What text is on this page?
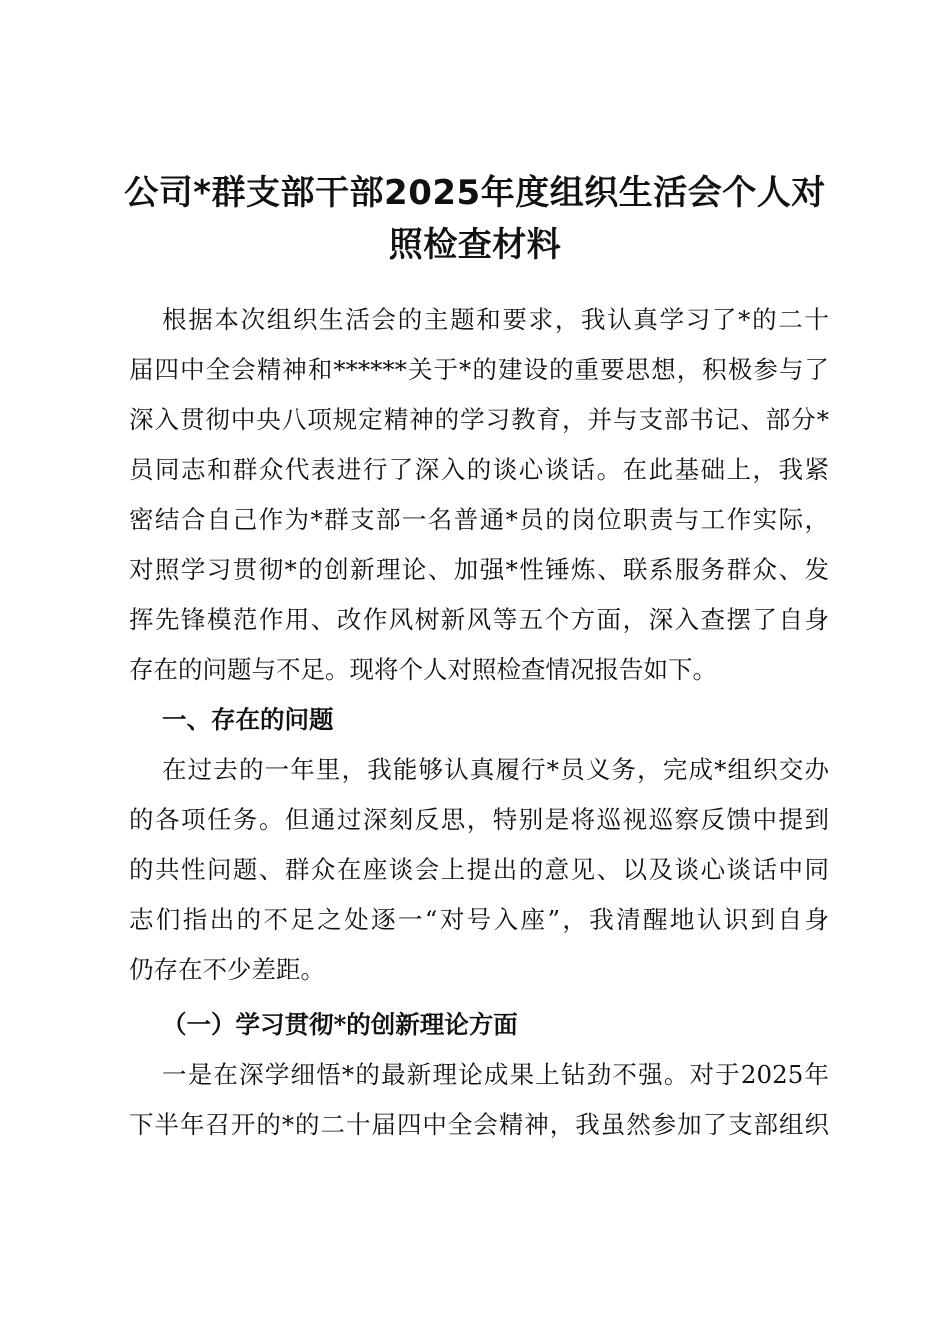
公司*群支部干部2025年度组织生活会个人对
照检查材料

根据本次组织生活会的主题和要求，我认真学习了*的二十

届四中全会精神和******关于*的建设的重要思想，积极参与了

深入贯彻中央八项规定精神的学习教育，并与支部书记、部分*

员同志和群众代表进行了深入的谈心谈话。在此基础上，我紧

密结合自己作为*群支部一名普通*员的岗位职责与工作实际，

对照学习贯彻*的创新理论、加强*性锤炼、联系服务群众、发

挥先锋模范作用、改作风树新风等五个方面，深入查摆了自身

存在的问题与不足。现将个人对照检查情况报告如下。

一、存在的问题

在过去的一年里，我能够认真履行*员义务，完成*组织交办

的各项任务。但通过深刻反思，特别是将巡视巡察反馈中提到

的共性问题、群众在座谈会上提出的意见、以及谈心谈话中同

志们指出的不足之处逐一“对号入座”，我清醒地认识到自身

仍存在不少差距。

（一）学习贯彻*的创新理论方面

一是在深学细悟*的最新理论成果上钻劲不强。对于2025年

下半年召开的*的二十届四中全会精神，我虽然参加了支部组织
